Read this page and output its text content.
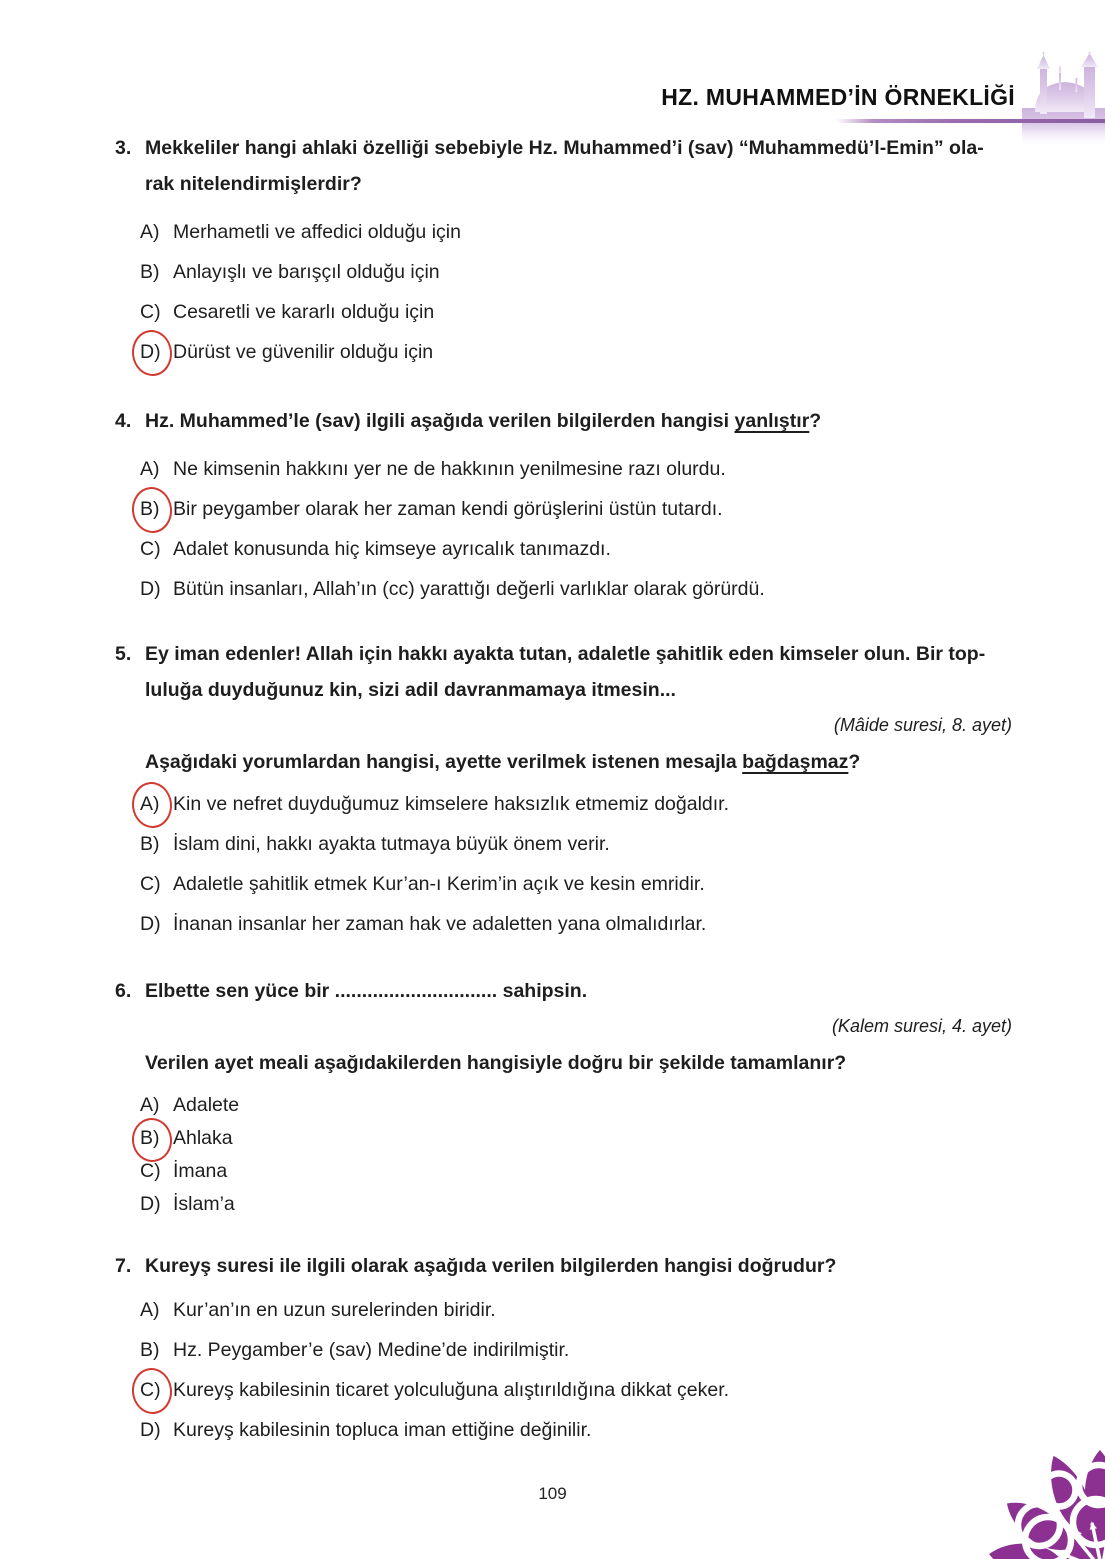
HZ. MUHAMMED’İN ÖRNEKLİĞİ
3. Mekkeliler hangi ahlaki özelliği sebebiyle Hz. Muhammed’i (sav) “Muhammedü’l-Emin” ola-
rak nitelendirmişlerdir?
A) Merhametli ve affedici olduğu için
B) Anlayışlı ve barışçıl olduğu için
C) Cesaretli ve kararlı olduğu için
D) Dürüst ve güvenilir olduğu için
4. Hz. Muhammed’le (sav) ilgili aşağıda verilen bilgilerden hangisi yanlıştır?
A) Ne kimsenin hakkını yer ne de hakkının yenilmesine razı olurdu.
B) Bir peygamber olarak her zaman kendi görüşlerini üstün tutardı.
C) Adalet konusunda hiç kimseye ayrıcalık tanımazdı.
D) Bütün insanları, Allah’ın (cc) yarattığı değerli varlıklar olarak görürdü.
5. Ey iman edenler! Allah için hakkı ayakta tutan, adaletle şahitlik eden kimseler olun. Bir top-
luluğa duyduğunuz kin, sizi adil davranmamaya itmesin...
(Mâide suresi, 8. ayet)
Aşağıdaki yorumlardan hangisi, ayette verilmek istenen mesajla bağdaşmaz?
A) Kin ve nefret duyduğumuz kimselere haksızlık etmemiz doğaldır.
B) İslam dini, hakkı ayakta tutmaya büyük önem verir.
C) Adaletle şahitlik etmek Kur’an-ı Kerim’in açık ve kesin emridir.
D) İnanan insanlar her zaman hak ve adaletten yana olmalıdırlar.
6. Elbette sen yüce bir .............................. sahipsin.
(Kalem suresi, 4. ayet)
Verilen ayet meali aşağıdakilerden hangisiyle doğru bir şekilde tamamlanır?
A) Adalete
B) Ahlaka
C) İmana
D) İslam’a
7. Kureyş suresi ile ilgili olarak aşağıda verilen bilgilerden hangisi doğrudur?
A) Kur’an’ın en uzun surelerinden biridir.
B) Hz. Peygamber’e (sav) Medine’de indirilmiştir.
C) Kureyş kabilesinin ticaret yolculuğuna alıştırıldığına dikkat çeker.
D) Kureyş kabilesinin topluca iman ettiğine değinilir.
109
